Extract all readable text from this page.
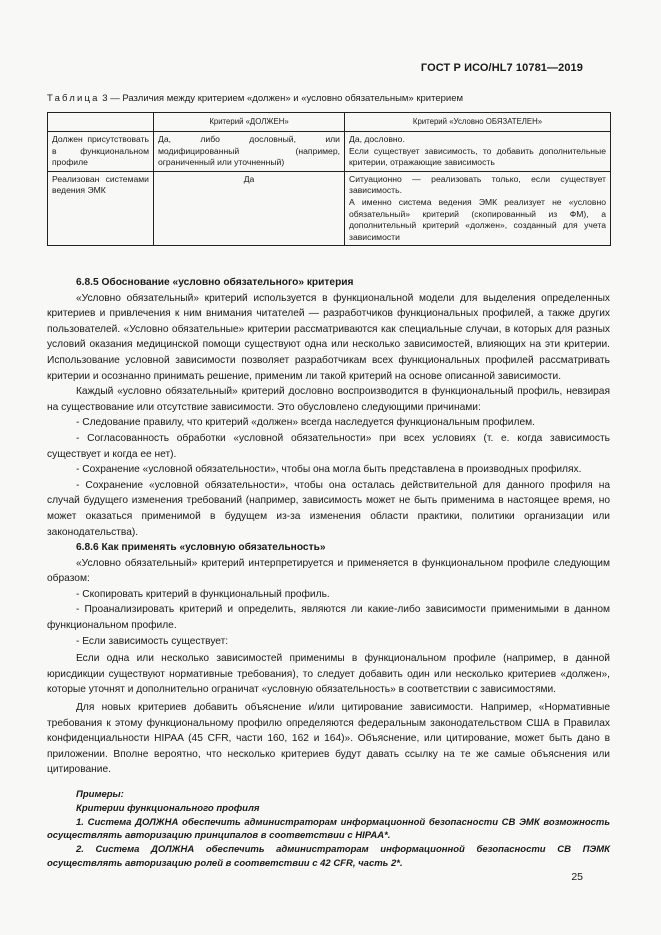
ГОСТ Р ИСО/HL7 10781—2019
Таблица 3 — Различия между критерием «должен» и «условно обязательным» критерием
	Критерий «ДОЛЖЕН»	Критерий «Условно ОБЯЗАТЕЛЕН»
Должен присутствовать в функциональном профиле	Да, либо дословный, или модифицированный (например, ограниченный или уточненный)	Да, дословно.
Если существует зависимость, то добавить дополнительные критерии, отражающие зависимость

Реализован системами ведения ЭМК	Да	Ситуационно — реализовать только, если существует зависимость.
А именно система ведения ЭМК реализует не «условно обязательный» критерий (скопированный из ФМ), а дополнительный критерий «должен», созданный для учета зависимости

6.8.5 Обоснование «условно обязательного» критерия

«Условно обязательный» критерий используется в функциональной модели для выделения определенных критериев и привлечения к ним внимания читателей — разработчиков функциональных профилей, а также других пользователей. «Условно обязательные» критерии рассматриваются как специальные случаи, в которых для разных условий оказания медицинской помощи существуют одна или несколько зависимостей, влияющих на эти критерии. Использование условной зависимости позволяет разработчикам всех функциональных профилей рассматривать критерии и осознанно принимать решение, применим ли такой критерий на основе описанной зависимости.

Каждый «условно обязательный» критерий дословно воспроизводится в функциональный профиль, невзирая на существование или отсутствие зависимости. Это обусловлено следующими причинами:

- Следование правилу, что критерий «должен» всегда наследуется функциональным профилем.

- Согласованность обработки «условной обязательности» при всех условиях (т. е. когда зависимость существует и когда ее нет).

- Сохранение «условной обязательности», чтобы она могла быть представлена в производных профилях.

- Сохранение «условной обязательности», чтобы она осталась действительной для данного профиля на случай будущего изменения требований (например, зависимость может не быть применима в настоящее время, но может оказаться применимой в будущем из-за изменения области практики, политики организации или законодательства).

6.8.6 Как применять «условную обязательность»

«Условно обязательный» критерий интерпретируется и применяется в функциональном профиле следующим образом:

- Скопировать критерий в функциональный профиль.

- Проанализировать критерий и определить, являются ли какие-либо зависимости применимыми в данном функциональном профиле.

- Если зависимость существует:

Если одна или несколько зависимостей применимы в функциональном профиле (например, в данной юрисдикции существуют нормативные требования), то следует добавить один или несколько критериев «должен», которые уточнят и дополнительно ограничат «условную обязательность» в соответствии с зависимостями.

Для новых критериев добавить объяснение и/или цитирование зависимости. Например, «Нормативные требования к этому функциональному профилю определяются федеральным законодательством США в Правилах конфиденциальности HIPAA (45 CFR, части 160, 162 и 164)». Объяснение, или цитирование, может быть дано в приложении. Вполне вероятно, что несколько критериев будут давать ссылку на те же самые объяснения или цитирование.

Примеры:

Критерии функционального профиля

1. Система ДОЛЖНА обеспечить администраторам информационной безопасности СВ ЭМК возможность осуществлять авторизацию принципалов в соответствии с HIPAA*.

2. Система ДОЛЖНА обеспечить администраторам информационной безопасности СВ ПЭМК осуществлять авторизацию ролей в соответствии с 42 CFR, часть 2*.

25
